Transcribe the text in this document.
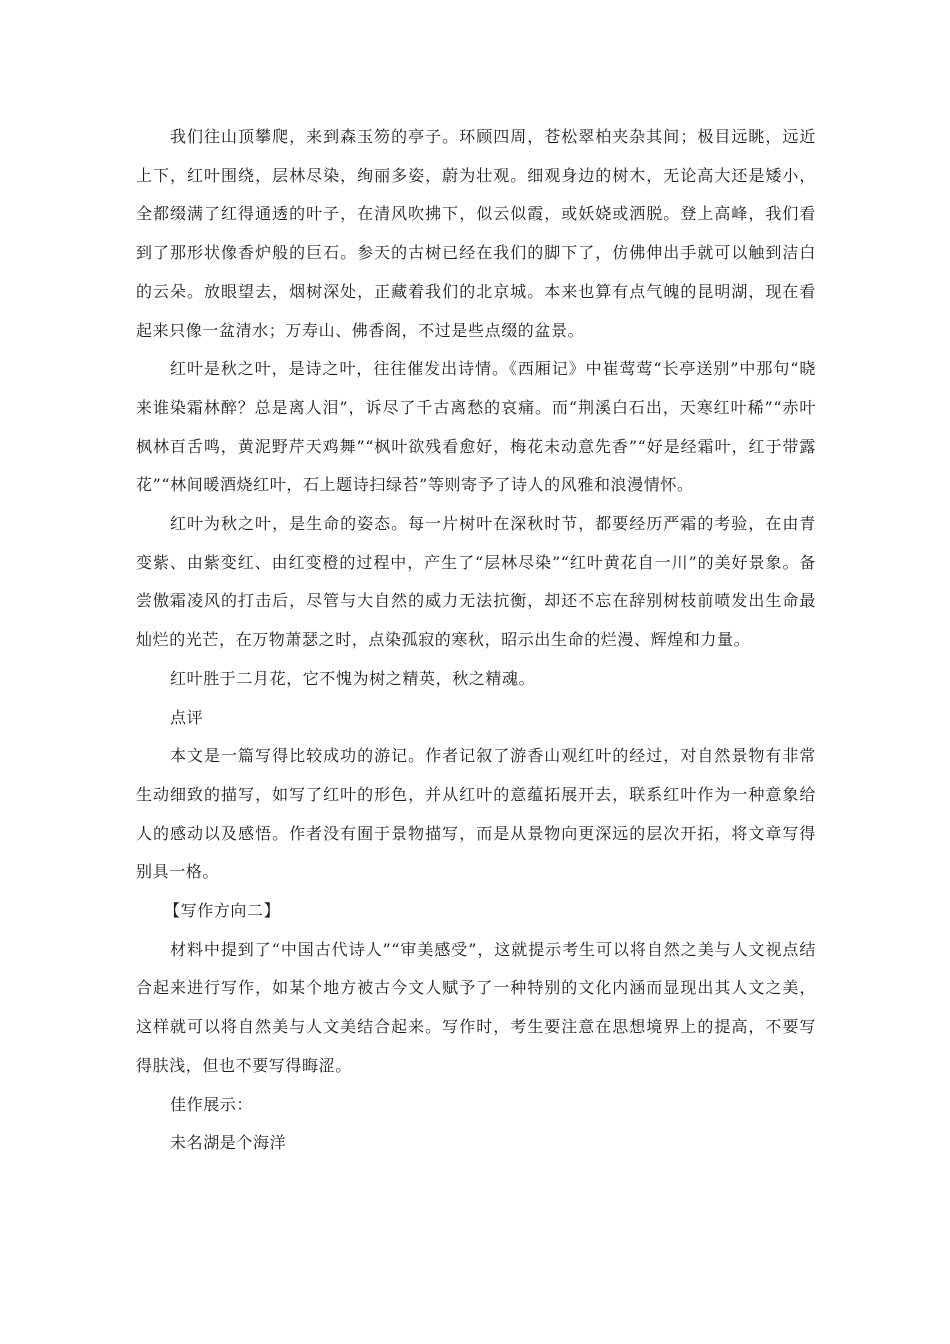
我们往山顶攀爬，来到森玉笏的亭子。环顾四周，苍松翠柏夹杂其间；极目远眺，远近上下，红叶围绕，层林尽染，绚丽多姿，蔚为壮观。细观身边的树木，无论高大还是矮小，全都缀满了红得通透的叶子，在清风吹拂下，似云似霞，或妖娆或洒脱。登上高峰，我们看到了那形状像香炉般的巨石。参天的古树已经在我们的脚下了，仿佛伸出手就可以触到洁白的云朵。放眼望去，烟树深处，正藏着我们的北京城。本来也算有点气魄的昆明湖，现在看起来只像一盆清水；万寿山、佛香阁，不过是些点缀的盆景。

红叶是秋之叶，是诗之叶，往往催发出诗情。《西厢记》中崔莺莺“长亭送别”中那句“晓来谁染霜林醉？总是离人泪”，诉尽了千古离愁的哀痛。而“荆溪白石出，天寒红叶稀”“赤叶枫林百舌鸣，黄泥野芹天鸡舞”“枫叶欲残看愈好，梅花未动意先香”“好是经霜叶，红于带露花”“林间暖酒烧红叶，石上题诗扫绿苔”等则寄予了诗人的风雅和浪漫情怀。

红叶为秋之叶，是生命的姿态。每一片树叶在深秋时节，都要经历严霜的考验，在由青变紫、由紫变红、由红变橙的过程中，产生了“层林尽染”“红叶黄花自一川”的美好景象。备尝傲霜凌风的打击后，尽管与大自然的威力无法抗衡，却还不忘在辞别树枝前喷发出生命最灿烂的光芒，在万物萧瑟之时，点染孤寂的寒秋，昭示出生命的烂漫、辉煌和力量。

红叶胜于二月花，它不愧为树之精英，秋之精魂。

点评

本文是一篇写得比较成功的游记。作者记叙了游香山观红叶的经过，对自然景物有非常生动细致的描写，如写了红叶的形色，并从红叶的意蕴拓展开去，联系红叶作为一种意象给人的感动以及感悟。作者没有囿于景物描写，而是从景物向更深远的层次开拓，将文章写得别具一格。

【写作方向二】

材料中提到了“中国古代诗人”“审美感受”，这就提示考生可以将自然之美与人文视点结合起来进行写作，如某个地方被古今文人赋予了一种特别的文化内涵而显现出其人文之美，这样就可以将自然美与人文美结合起来。写作时，考生要注意在思想境界上的提高，不要写得肤浅，但也不要写得晦涩。

佳作展示：

未名湖是个海洋
